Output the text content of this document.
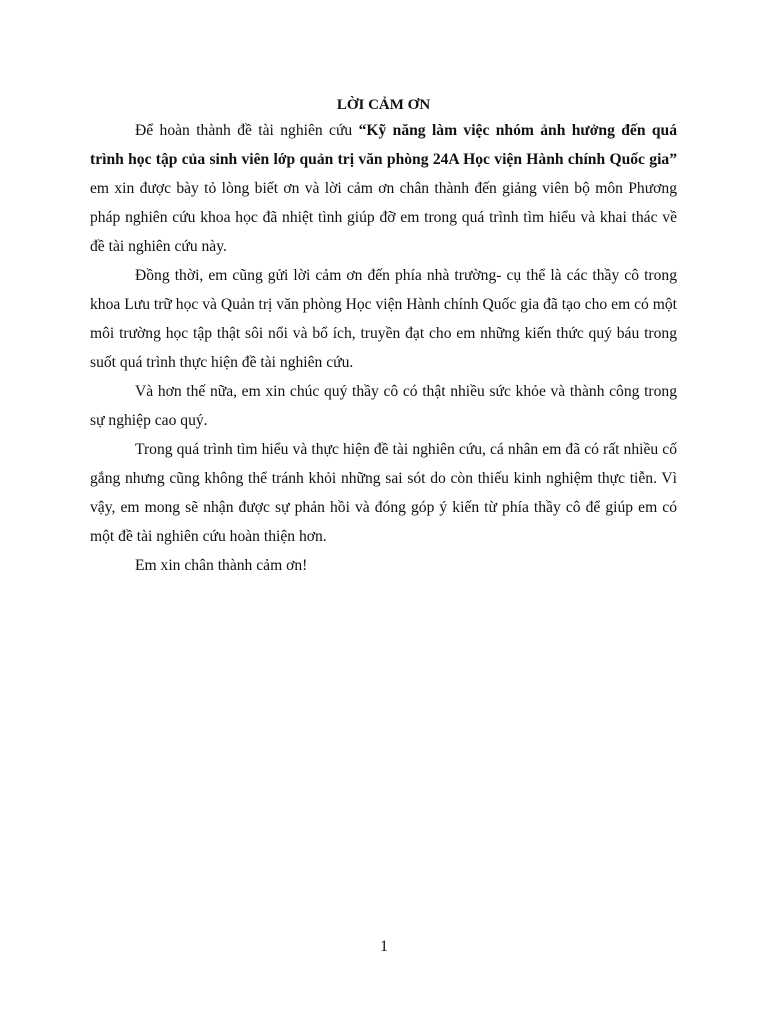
LỜI CẢM ƠN

Để hoàn thành đề tài nghiên cứu “Kỹ năng làm việc nhóm ảnh hưởng đến quá trình học tập của sinh viên lớp quản trị văn phòng 24A Học viện Hành chính Quốc gia” em xin được bày tỏ lòng biết ơn và lời cảm ơn chân thành đến giảng viên bộ môn Phương pháp nghiên cứu khoa học đã nhiệt tình giúp đỡ em trong quá trình tìm hiểu và khai thác về đề tài nghiên cứu này.

Đồng thời, em cũng gửi lời cảm ơn đến phía nhà trường- cụ thể là các thầy cô trong khoa Lưu trữ học và Quản trị văn phòng Học viện Hành chính Quốc gia đã tạo cho em có một môi trường học tập thật sôi nổi và bổ ích, truyền đạt cho em những kiến thức quý báu trong suốt quá trình thực hiện đề tài nghiên cứu.

Và hơn thế nữa, em xin chúc quý thầy cô có thật nhiều sức khỏe và thành công trong sự nghiệp cao quý.

Trong quá trình tìm hiểu và thực hiện đề tài nghiên cứu, cá nhân em đã có rất nhiều cố gắng nhưng cũng không thể tránh khỏi những sai sót do còn thiếu kinh nghiệm thực tiễn. Vì vậy, em mong sẽ nhận được sự phản hồi và đóng góp ý kiến từ phía thầy cô để giúp em có một đề tài nghiên cứu hoàn thiện hơn.

Em xin chân thành cảm ơn!

1
